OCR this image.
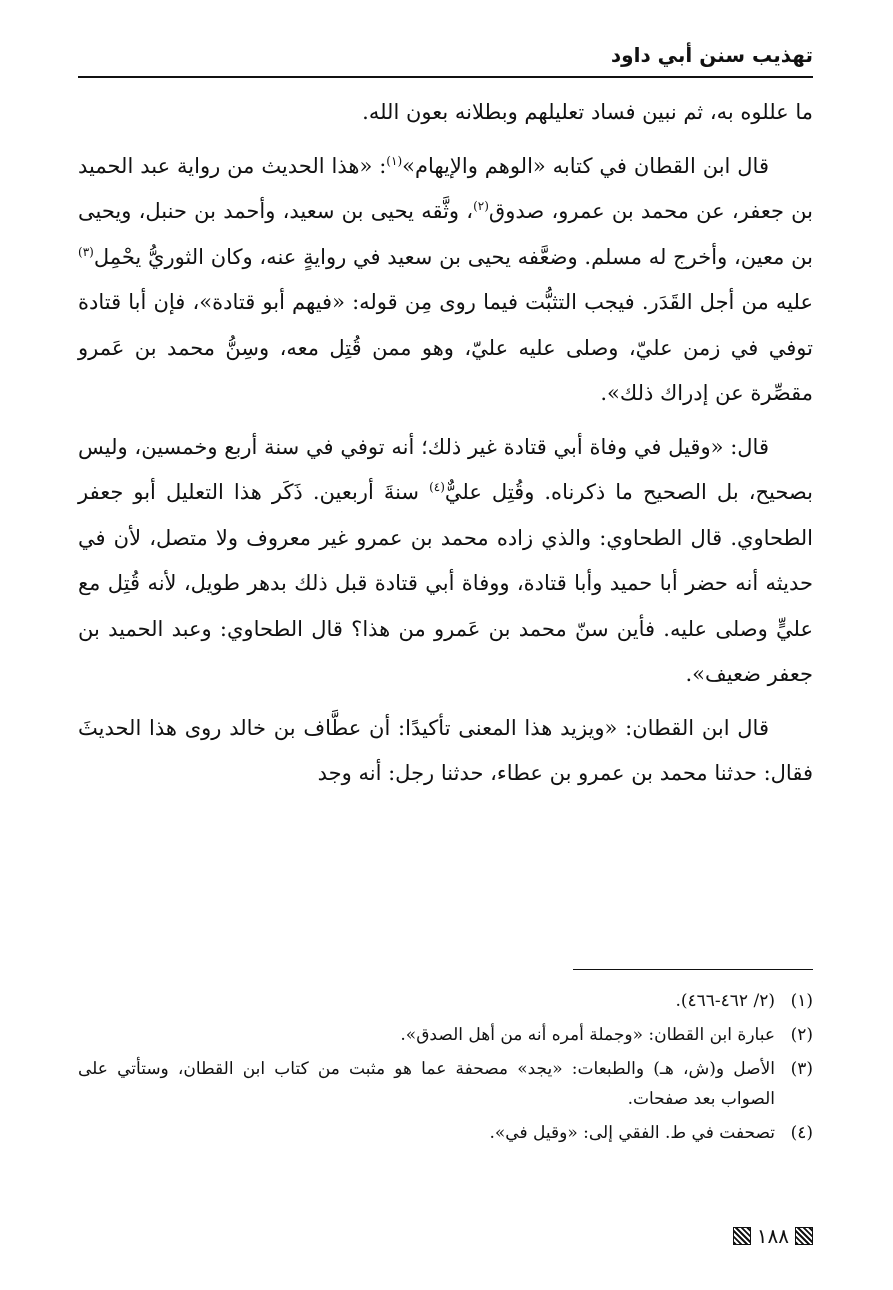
تهذيب سنن أبي داود

ما عللوه به، ثم نبين فساد تعليلهم وبطلانه بعون الله.

قال ابن القطان في كتابه «الوهم والإيهام»$^{(١)}$: «هذا الحديث من رواية عبد الحميد بن جعفر، عن محمد بن عمرو، صدوق$^{(٢)}$، وثَّقه يحيى بن سعيد، وأحمد بن حنبل، ويحيى بن معين، وأخرج له مسلم. وضعَّفه يحيى بن سعيد في روايةٍ عنه، وكان الثوريُّ يحْمِل$^{(٣)}$ عليه من أجل القَدَر. فيجب التثبُّت فيما روى مِن قوله: «فيهم أبو قتادة»، فإن أبا قتادة توفي في زمن عليّ، وصلى عليه عليّ، وهو ممن قُتِل معه، وسِنُّ محمد بن عَمرو مقصِّرة عن إدراك ذلك».

قال: «وقيل في وفاة أبي قتادة غير ذلك؛ أنه توفي في سنة أربع وخمسين، وليس بصحيح، بل الصحيح ما ذكرناه. وقُتِل عليٌّ$^{(٤)}$ سنةَ أربعين. ذَكَر هذا التعليل أبو جعفر الطحاوي. قال الطحاوي: والذي زاده محمد بن عمرو غير معروف ولا متصل، لأن في حديثه أنه حضر أبا حميد وأبا قتادة، ووفاة أبي قتادة قبل ذلك بدهر طويل، لأنه قُتِل مع عليٍّ وصلى عليه. فأين سنّ محمد بن عَمرو من هذا؟ قال الطحاوي: وعبد الحميد بن جعفر ضعيف».

قال ابن القطان: «ويزيد هذا المعنى تأكيدًا: أن عطَّاف بن خالد روى هذا الحديثَ فقال: حدثنا محمد بن عمرو بن عطاء، حدثنا رجل: أنه وجد

(١)
(٢/ ٤٦٢-٤٦٦).
(٢)
عبارة ابن القطان: «وجملة أمره أنه من أهل الصدق».
(٣)
الأصل و(ش، هـ) والطبعات: «يجد» مصحفة عما هو مثبت من كتاب ابن القطان، وستأتي على الصواب بعد صفحات.
(٤)
تصحفت في ط. الفقي إلى: «وقيل في».
١٨٨
